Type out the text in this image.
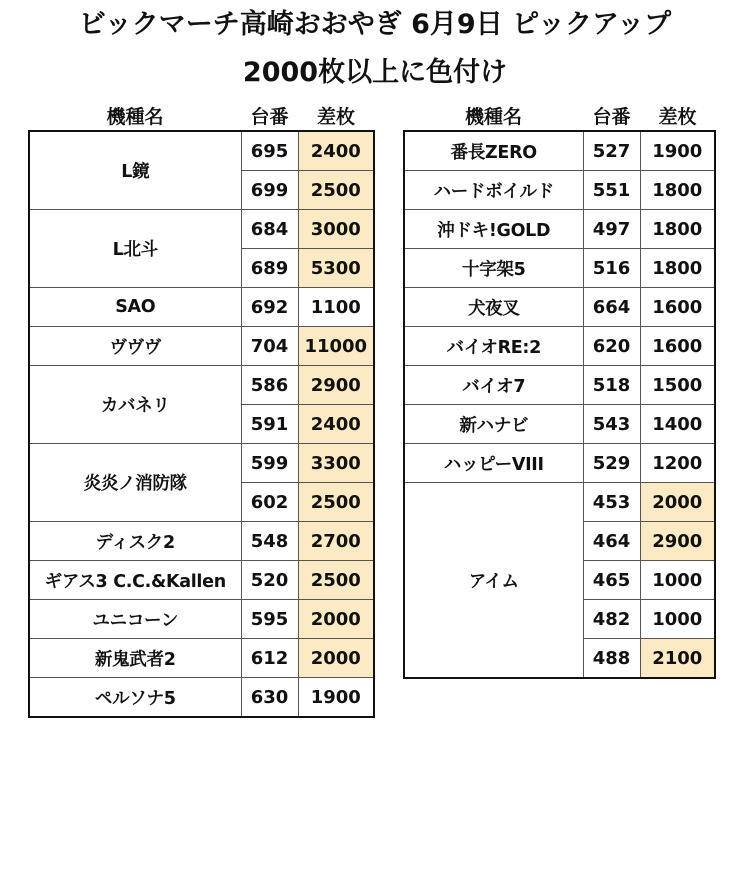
ビックマーチ高崎おおやぎ 6月9日 ピックアップ
2000枚以上に色付け
機種名	台番	差枚
L鏡	695	2400
	699	2500
L北斗	684	3000
	689	5300
SAO	692	1100
ヴヴヴ	704	11000
カバネリ	586	2900
	591	2400
炎炎ノ消防隊	599	3300
	602	2500
ディスク2	548	2700
ギアス3 C.C.&Kallen	520	2500
ユニコーン	595	2000
新鬼武者2	612	2000
ペルソナ5	630	1900
機種名	台番	差枚
番長ZERO	527	1900
ハードボイルド	551	1800
沖ドキ!GOLD	497	1800
十字架5	516	1800
犬夜叉	664	1600
バイオRE:2	620	1600
バイオ7	518	1500
新ハナビ	543	1400
ハッピーVIII	529	1200
アイム	453	2000
	464	2900
	465	1000
	482	1000
	488	2100
